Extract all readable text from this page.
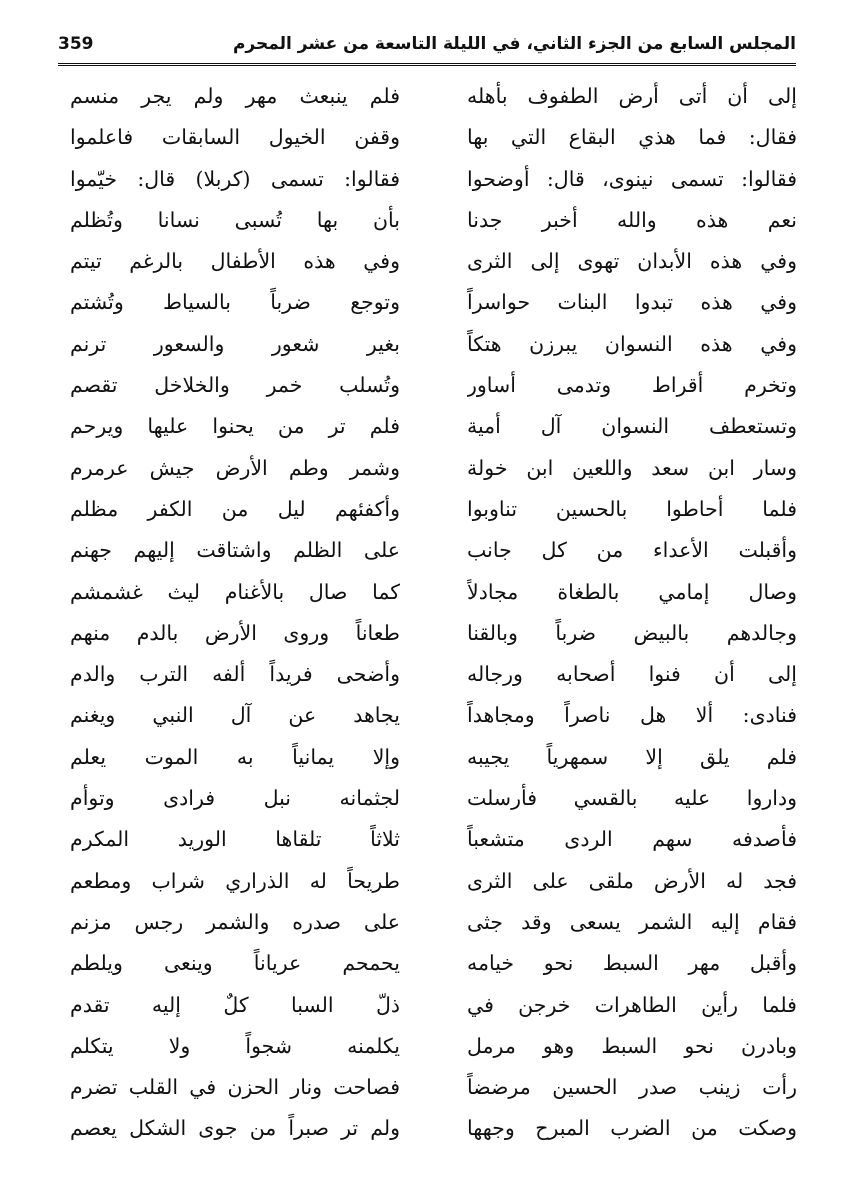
المجلس السابع من الجزء الثاني، في الليلة التاسعة من عشر المحرم
359
إلى أن أتى أرض الطفوف بأهله
فقال: فما هذي البقاع التي بها
فقالوا: تسمى نينوى، قال: أوضحوا
نعم هذه والله أخبر جدنا
وفي هذه الأبدان تهوى إلى الثرى
وفي هذه تبدوا البنات حواسراً
وفي هذه النسوان يبرزن هتكاً
وتخرم أقراط وتدمى أساور
وتستعطف النسوان آل أمية
وسار ابن سعد واللعين ابن خولة
فلما أحاطوا بالحسين تناوبوا
وأقبلت الأعداء من كل جانب
وصال إمامي بالطغاة مجادلاً
وجالدهم بالبيض ضرباً وبالقنا
إلى أن فنوا أصحابه ورجاله
فنادى: ألا هل ناصراً ومجاهداً
فلم يلق إلا سمهرياً يجيبه
وداروا عليه بالقسي فأرسلت
فأصدفه سهم الردى متشعباً
فجد له الأرض ملقى على الثرى
فقام إليه الشمر يسعى وقد جثى
وأقبل مهر السبط نحو خيامه
فلما رأين الطاهرات خرجن في
وبادرن نحو السبط وهو مرمل
رأت زينب صدر الحسين مرضضاً
وصكت من الضرب المبرح وجهها
فلم ينبعث مهر ولم يجر منسم
وقفن الخيول السابقات فاعلموا
فقالوا: تسمى (كربلا) قال: خيّموا
بأن بها تُسبى نسانا وتُظلم
وفي هذه الأطفال بالرغم تيتم
وتوجع ضرباً بالسياط وتُشتم
بغير شعور والسعور ترنم
وتُسلب خمر والخلاخل تقصم
فلم تر من يحنوا عليها ويرحم
وشمر وطم الأرض جيش عرمرم
وأكفئهم ليل من الكفر مظلم
على الظلم واشتاقت إليهم جهنم
كما صال بالأغنام ليث غشمشم
طعاناً وروى الأرض بالدم منهم
وأضحى فريداً ألفه الترب والدم
يجاهد عن آل النبي ويغنم
وإلا يمانياً به الموت يعلم
لجثمانه نبل فرادى وتوأم
ثلاثاً تلقاها الوريد المكرم
طريحاً له الذراري شراب ومطعم
على صدره والشمر رجس مزنم
يحمحم عرياناً وينعى ويلطم
ذلّ السبا كلٌ إليه تقدم
يكلمنه شجواً ولا يتكلم
فصاحت ونار الحزن في القلب تضرم
ولم تر صبراً من جوى الشكل يعصم
